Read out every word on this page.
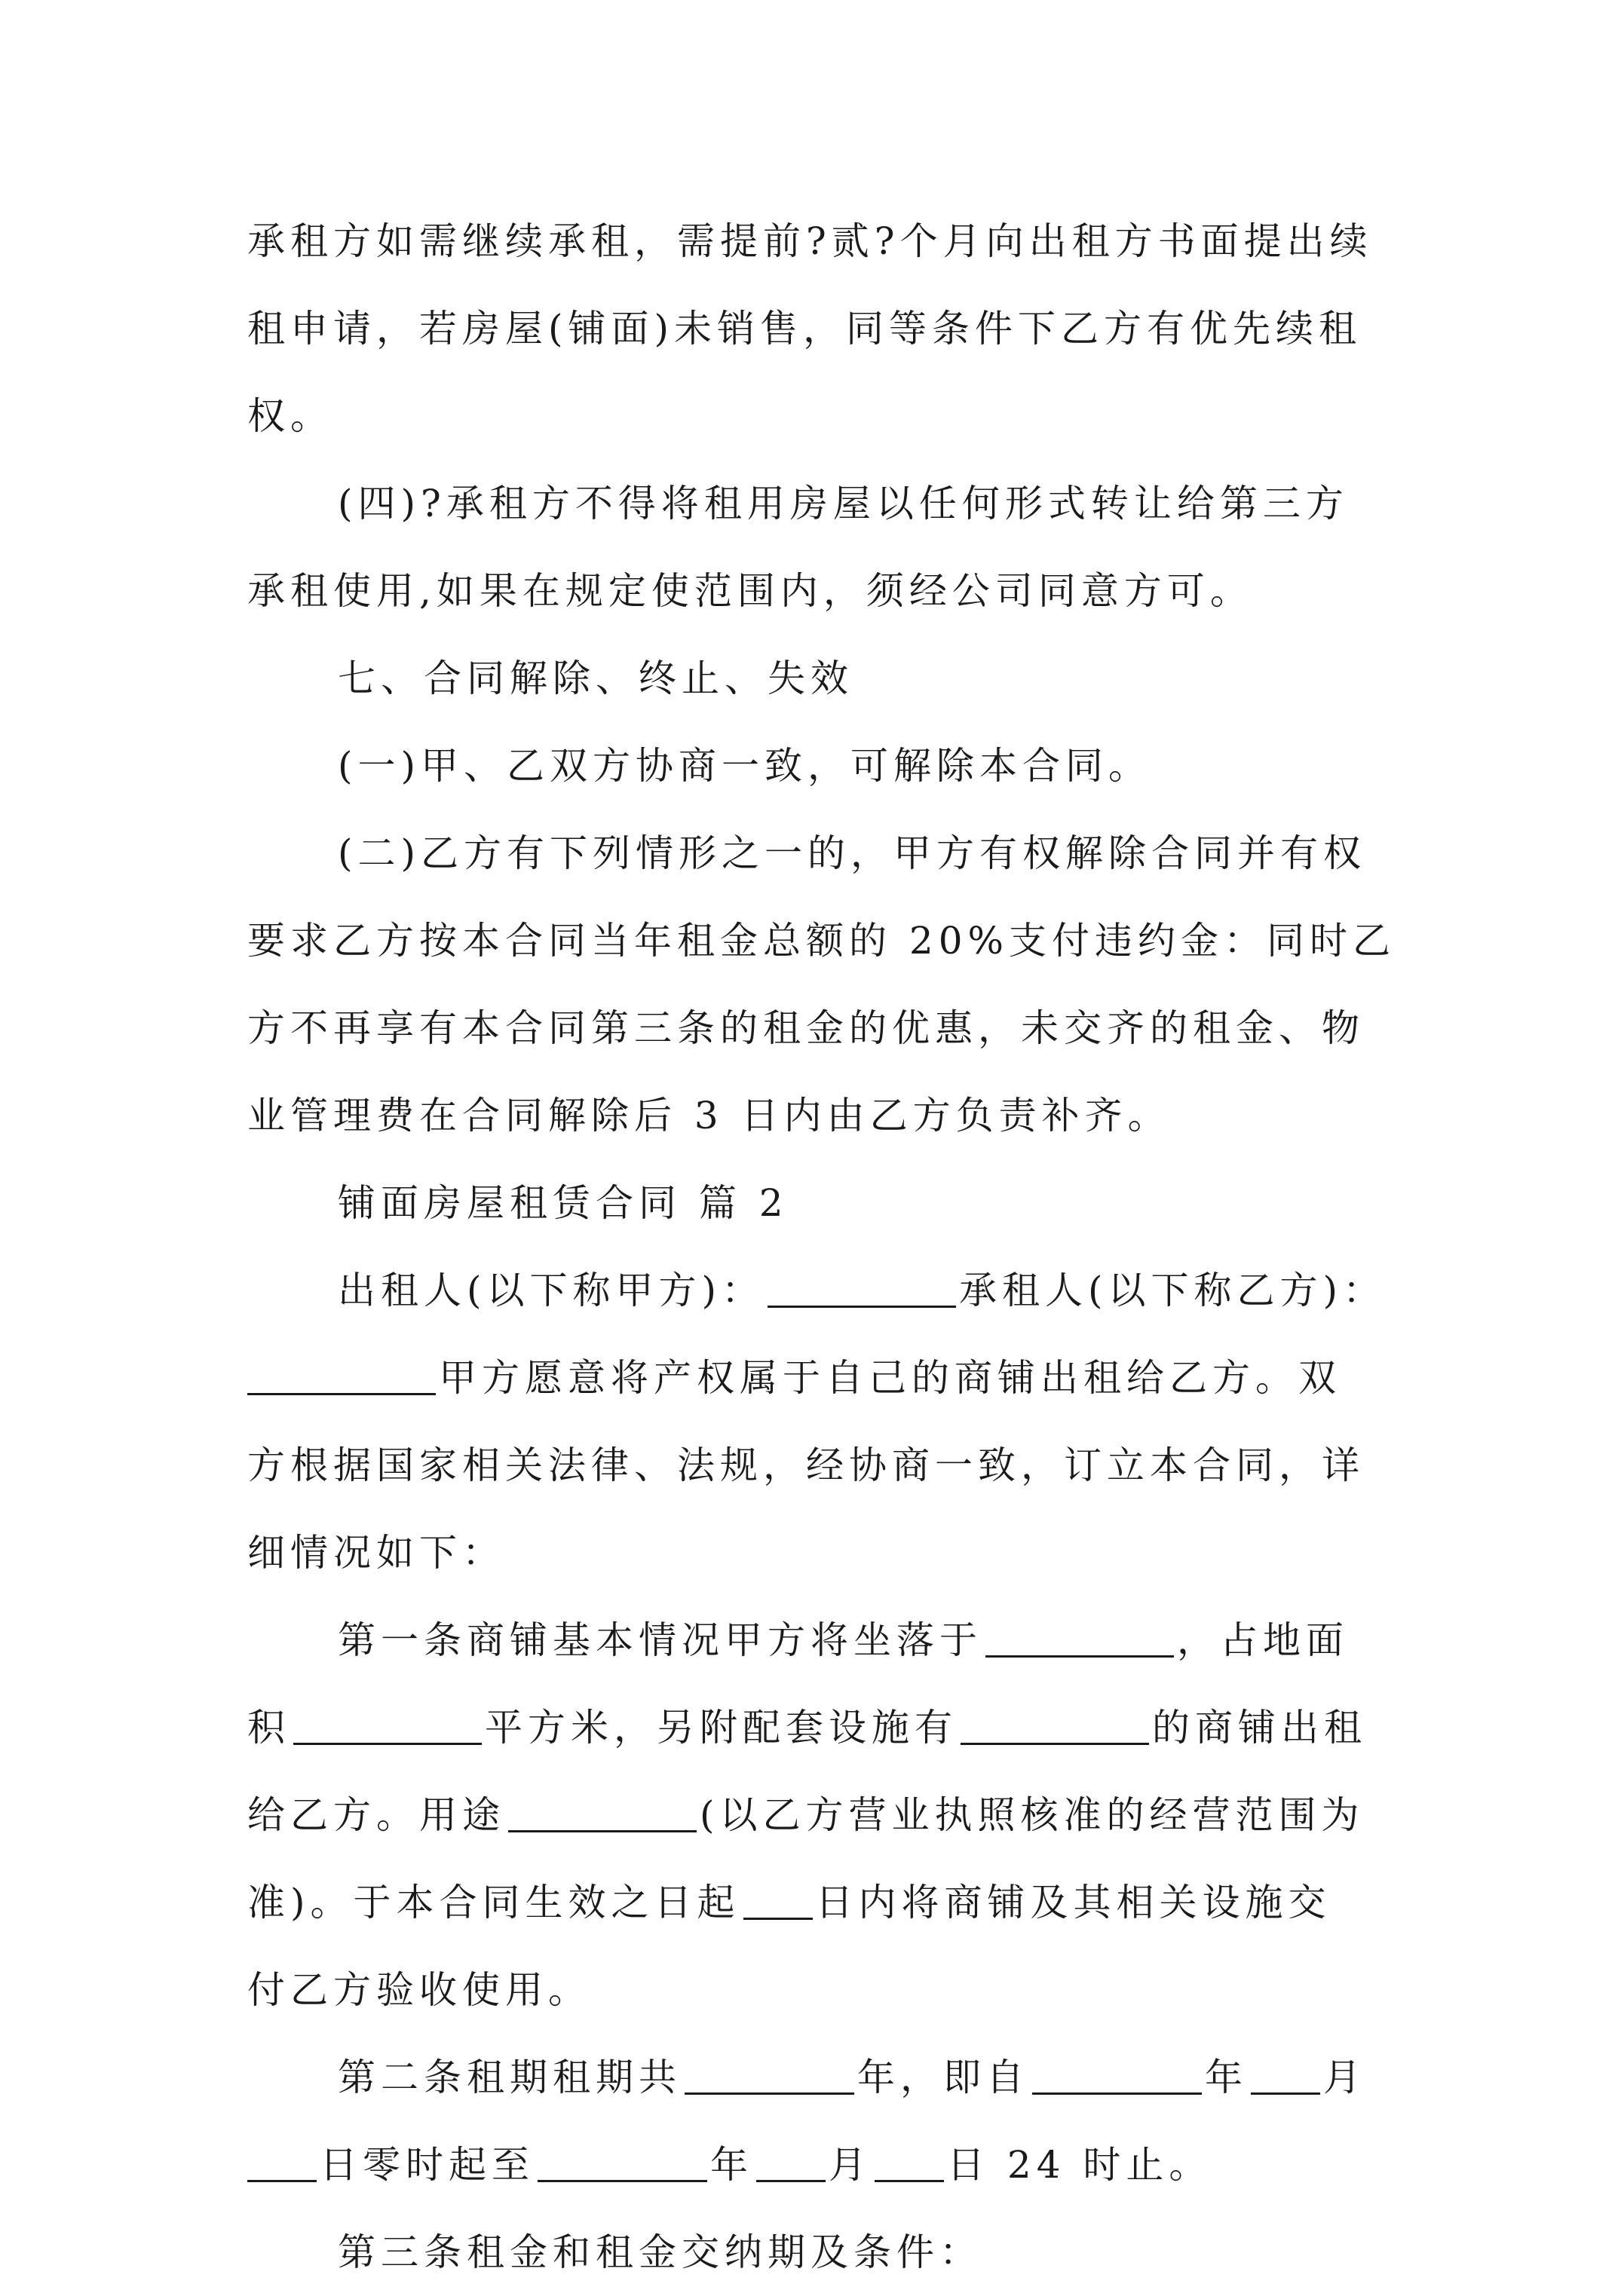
承租方如需继续承租，需提前?贰?个月向出租方书面提出续
租申请，若房屋(铺面)未销售，同等条件下乙方有优先续租
权。
(四)?承租方不得将租用房屋以任何形式转让给第三方
承租使用,如果在规定使范围内，须经公司同意方可。
七、合同解除、终止、失效
(一)甲、乙双方协商一致，可解除本合同。
(二)乙方有下列情形之一的，甲方有权解除合同并有权
要求乙方按本合同当年租金总额的 20%支付违约金：同时乙
方不再享有本合同第三条的租金的优惠，未交齐的租金、物
业管理费在合同解除后 3 日内由乙方负责补齐。
铺面房屋租赁合同 篇 2
出租人(以下称甲方)：	承租人(以下称乙方)：
甲方愿意将产权属于自己的商铺出租给乙方。双
方根据国家相关法律、法规，经协商一致，订立本合同，详
细情况如下：
第一条商铺基本情况甲方将坐落于	，占地面
积	平方米，另附配套设施有	的商铺出租
给乙方。用途	(以乙方营业执照核准的经营范围为
准)。于本合同生效之日起 日内将商铺及其相关设施交
付乙方验收使用。
第二条租期租期共	年，即自	年 月
日零时起至	年 月 日 24 时止。
第三条租金和租金交纳期及条件：
